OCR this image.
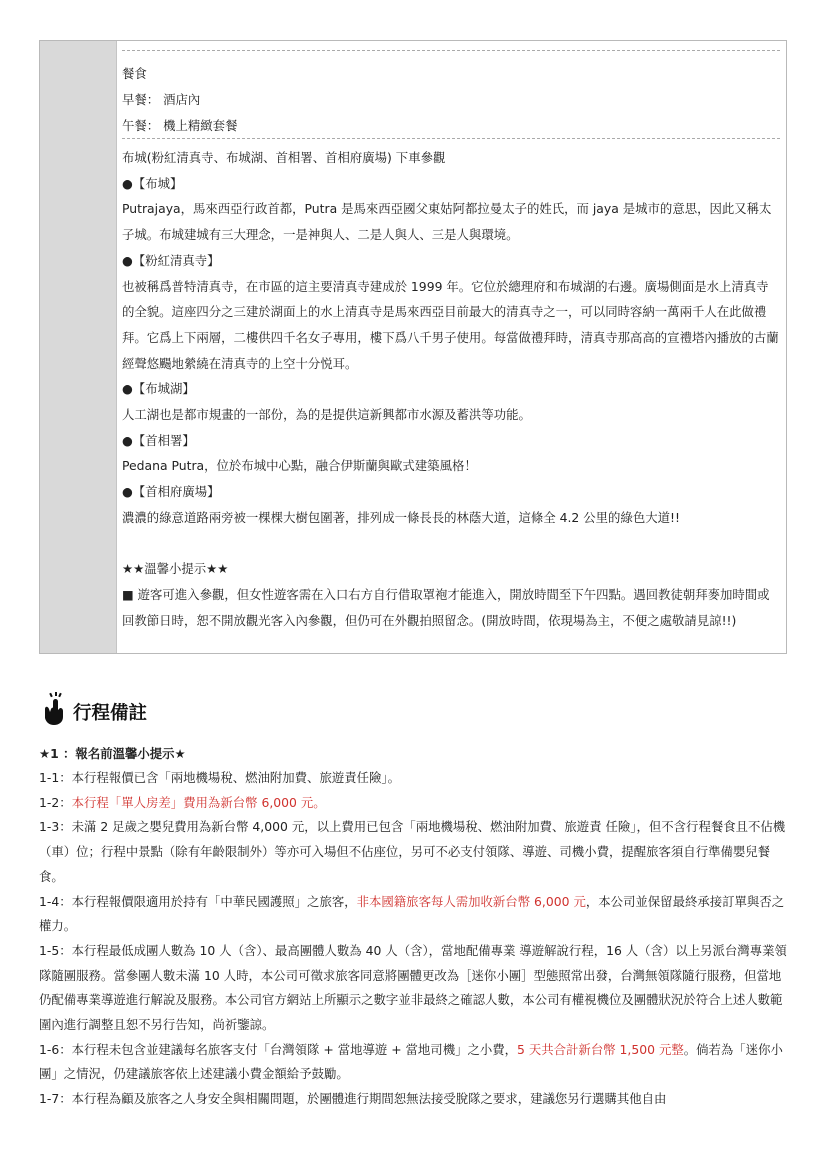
餐食
早餐： 酒店內
午餐： 機上精緻套餐
布城(粉紅清真寺、布城湖、首相署、首相府廣場) 下車參觀
●【布城】
Putrajaya，馬來西亞行政首都，Putra 是馬來西亞國父東姑阿都拉曼太子的姓氏，而 jaya 是城市的意思，因此又稱太子城。布城建城有三大理念，一是神與人、二是人與人、三是人與環境。
●【粉紅清真寺】
也被稱爲普特清真寺，在市區的這主要清真寺建成於 1999 年。它位於總理府和布城湖的右邊。廣場側面是水上清真寺的全貌。這座四分之三建於湖面上的水上清真寺是馬來西亞目前最大的清真寺之一，可以同時容納一萬兩千人在此做禮拜。它爲上下兩層，二樓供四千名女子專用，樓下爲八千男子使用。每當做禮拜時，清真寺那高高的宣禮塔內播放的古蘭經聲悠颺地縈繞在清真寺的上空十分悦耳。
●【布城湖】
人工湖也是都市規畫的一部份，為的是提供這新興都市水源及蓄洪等功能。
●【首相署】
Pedana Putra，位於布城中心點，融合伊斯蘭與歐式建築風格！
●【首相府廣場】
濃濃的綠意道路兩旁被一棵棵大樹包圍著，排列成一條長長的林蔭大道，這條全 4.2 公里的綠色大道!!
★★溫馨小提示★★
■ 遊客可進入參觀，但女性遊客需在入口右方自行借取罩袍才能進入，開放時間至下午四點。遇回教徒朝拜麥加時間或回教節日時，恕不開放觀光客入內參觀，但仍可在外觀拍照留念。(開放時間，依現場為主，不便之處敬請見諒!!)
行程備註
★1 ：報名前溫馨小提示★
1-1：本行程報價已含「兩地機場稅、燃油附加費、旅遊責任險」。
1-2：本行程「單人房差」費用為新台幣 6,000 元。
1-3：未滿 2 足歲之嬰兒費用為新台幣 4,000 元，以上費用已包含「兩地機場稅、燃油附加費、旅遊責 任險」，但不含行程餐食且不佔機（車）位；行程中景點（除有年齡限制外）等亦可入場但不佔座位，另可不必支付領隊、導遊、司機小費，提醒旅客須自行準備嬰兒餐食。
1-4：本行程報價限適用於持有「中華民國護照」之旅客，非本國籍旅客每人需加收新台幣 6,000 元，本公司並保留最終承接訂單與否之權力。
1-5：本行程最低成團人數為 10 人（含）、最高團體人數為 40 人（含），當地配備專業 導遊解說行程，16 人（含）以上另派台灣專業領隊隨團服務。當參團人數未滿 10 人時，本公司可徵求旅客同意將團體更改為［迷你小團］型態照常出發，台灣無領隊隨行服務，但當地仍配備專業導遊進行解說及服務。本公司官方網站上所顯示之數字並非最終之確認人數，本公司有權視機位及團體狀況於符合上述人數範圍內進行調整且恕不另行告知，尚祈鑒諒。
1-6：本行程未包含並建議每名旅客支付「台灣領隊 + 當地導遊 + 當地司機」之小費，5 天共合計新台幣 1,500 元整。倘若為「迷你小團」之情況，仍建議旅客依上述建議小費金額給予鼓勵。
1-7：本行程為顧及旅客之人身安全與相關問題，於團體進行期間恕無法接受脫隊之要求，建議您另行選購其他自由
